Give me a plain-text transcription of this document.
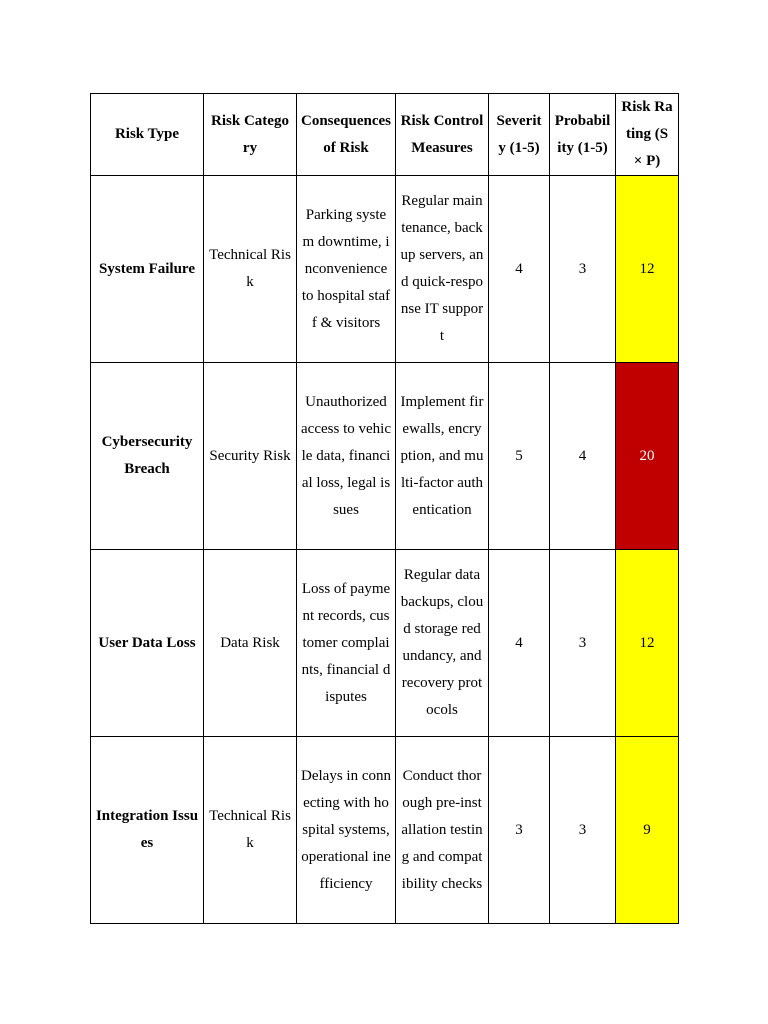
Risk Type	Risk Category	Consequences of Risk	Risk Control Measures	Severity (1-5)	Probability (1-5)	Risk Rating (S × P)
System Failure	Technical Risk	Parking system downtime, inconvenience to hospital staff & visitors	Regular maintenance, backup servers, and quick-response IT support	4	3	12
Cybersecurity Breach	Security Risk	Unauthorized access to vehicle data, financial loss, legal issues	Implement firewalls, encryption, and multi-factor authentication	5	4	20
User Data Loss	Data Risk	Loss of payment records, customer complaints, financial disputes	Regular data backups, cloud storage redundancy, and recovery protocols	4	3	12
Integration Issues	Technical Risk	Delays in connecting with hospital systems, operational inefficiency	Conduct thorough pre-installation testing and compatibility checks	3	3	9
